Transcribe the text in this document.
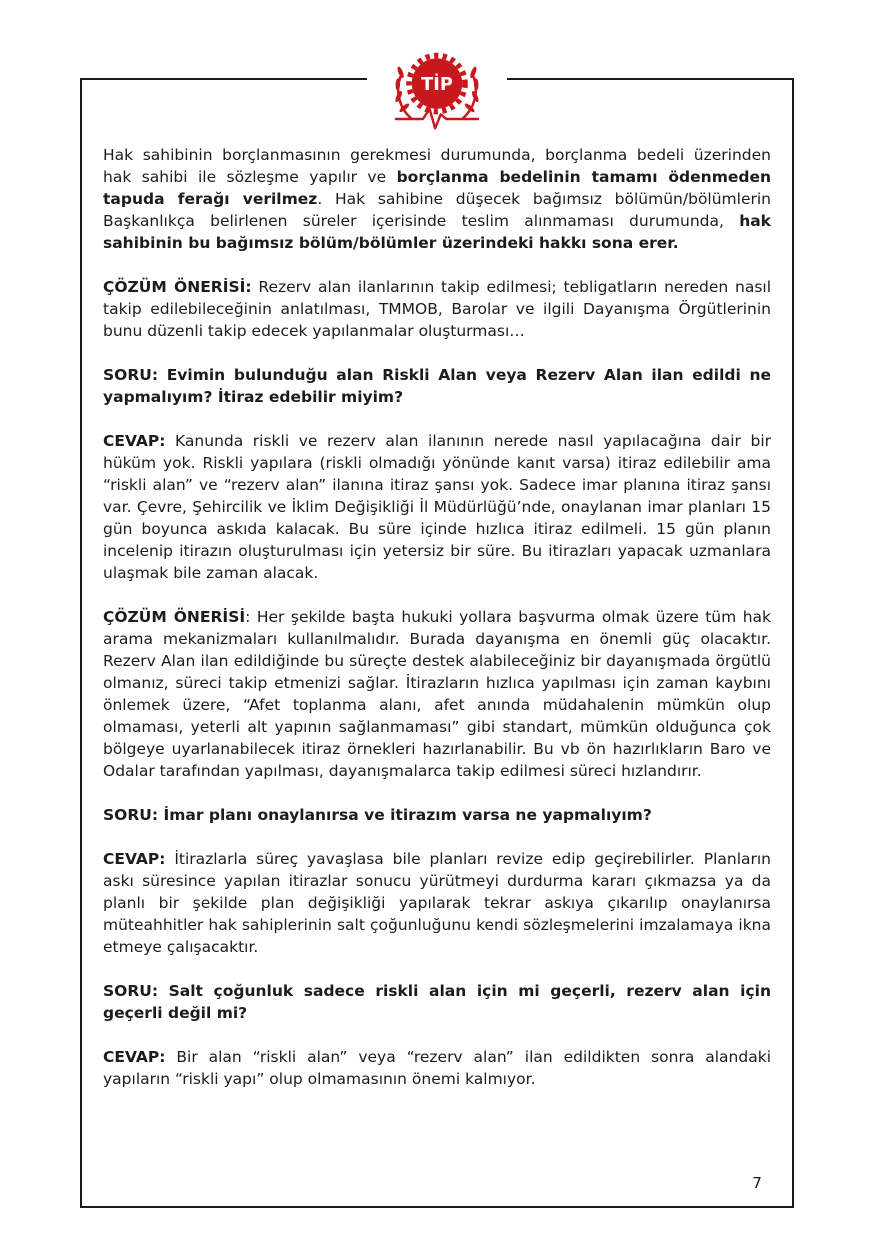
TİP

Hak sahibinin borçlanmasının gerekmesi durumunda, borçlanma bedeli üzerinden hak sahibi ile sözleşme yapılır ve borçlanma bedelinin tamamı ödenmeden tapuda ferağı verilmez. Hak sahibine düşecek bağımsız bölümün/bölümlerin Başkanlıkça belirlenen süreler içerisinde teslim alınmaması durumunda, hak sahibinin bu bağımsız bölüm/bölümler üzerindeki hakkı sona erer.

ÇÖZÜM ÖNERİSİ: Rezerv alan ilanlarının takip edilmesi; tebligatların nereden nasıl takip edilebileceğinin anlatılması, TMMOB, Barolar ve ilgili Dayanışma Örgütlerinin bunu düzenli takip edecek yapılanmalar oluşturması…

SORU: Evimin bulunduğu alan Riskli Alan veya Rezerv Alan ilan edildi ne yapmalıyım? İtiraz edebilir miyim?

CEVAP: Kanunda riskli ve rezerv alan ilanının nerede nasıl yapılacağına dair bir hüküm yok. Riskli yapılara (riskli olmadığı yönünde kanıt varsa) itiraz edilebilir ama “riskli alan” ve “rezerv alan” ilanına itiraz şansı yok. Sadece imar planına itiraz şansı var. Çevre, Şehircilik ve İklim Değişikliği İl Müdürlüğü’nde, onaylanan imar planları 15 gün boyunca askıda kalacak. Bu süre içinde hızlıca itiraz edilmeli. 15 gün planın incelenip itirazın oluşturulması için yetersiz bir süre. Bu itirazları yapacak uzmanlara ulaşmak bile zaman alacak.

ÇÖZÜM ÖNERİSİ: Her şekilde başta hukuki yollara başvurma olmak üzere tüm hak arama mekanizmaları kullanılmalıdır. Burada dayanışma en önemli güç olacaktır. Rezerv Alan ilan edildiğinde bu süreçte destek alabileceğiniz bir dayanışmada örgütlü olmanız, süreci takip etmenizi sağlar. İtirazların hızlıca yapılması için zaman kaybını önlemek üzere, “Afet toplanma alanı, afet anında müdahalenin mümkün olup olmaması, yeterli alt yapının sağlanmaması” gibi standart, mümkün olduğunca çok bölgeye uyarlanabilecek itiraz örnekleri hazırlanabilir. Bu vb ön hazırlıkların Baro ve Odalar tarafından yapılması, dayanışmalarca takip edilmesi süreci hızlandırır.

SORU: İmar planı onaylanırsa ve itirazım varsa ne yapmalıyım?

CEVAP: İtirazlarla süreç yavaşlasa bile planları revize edip geçirebilirler. Planların askı süresince yapılan itirazlar sonucu yürütmeyi durdurma kararı çıkmazsa ya da planlı bir şekilde plan değişikliği yapılarak tekrar askıya çıkarılıp onaylanırsa müteahhitler hak sahiplerinin salt çoğunluğunu kendi sözleşmelerini imzalamaya ikna etmeye çalışacaktır.

SORU: Salt çoğunluk sadece riskli alan için mi geçerli, rezerv alan için geçerli değil mi?

CEVAP: Bir alan “riskli alan” veya “rezerv alan” ilan edildikten sonra alandaki yapıların “riskli yapı” olup olmamasının önemi kalmıyor.

7
